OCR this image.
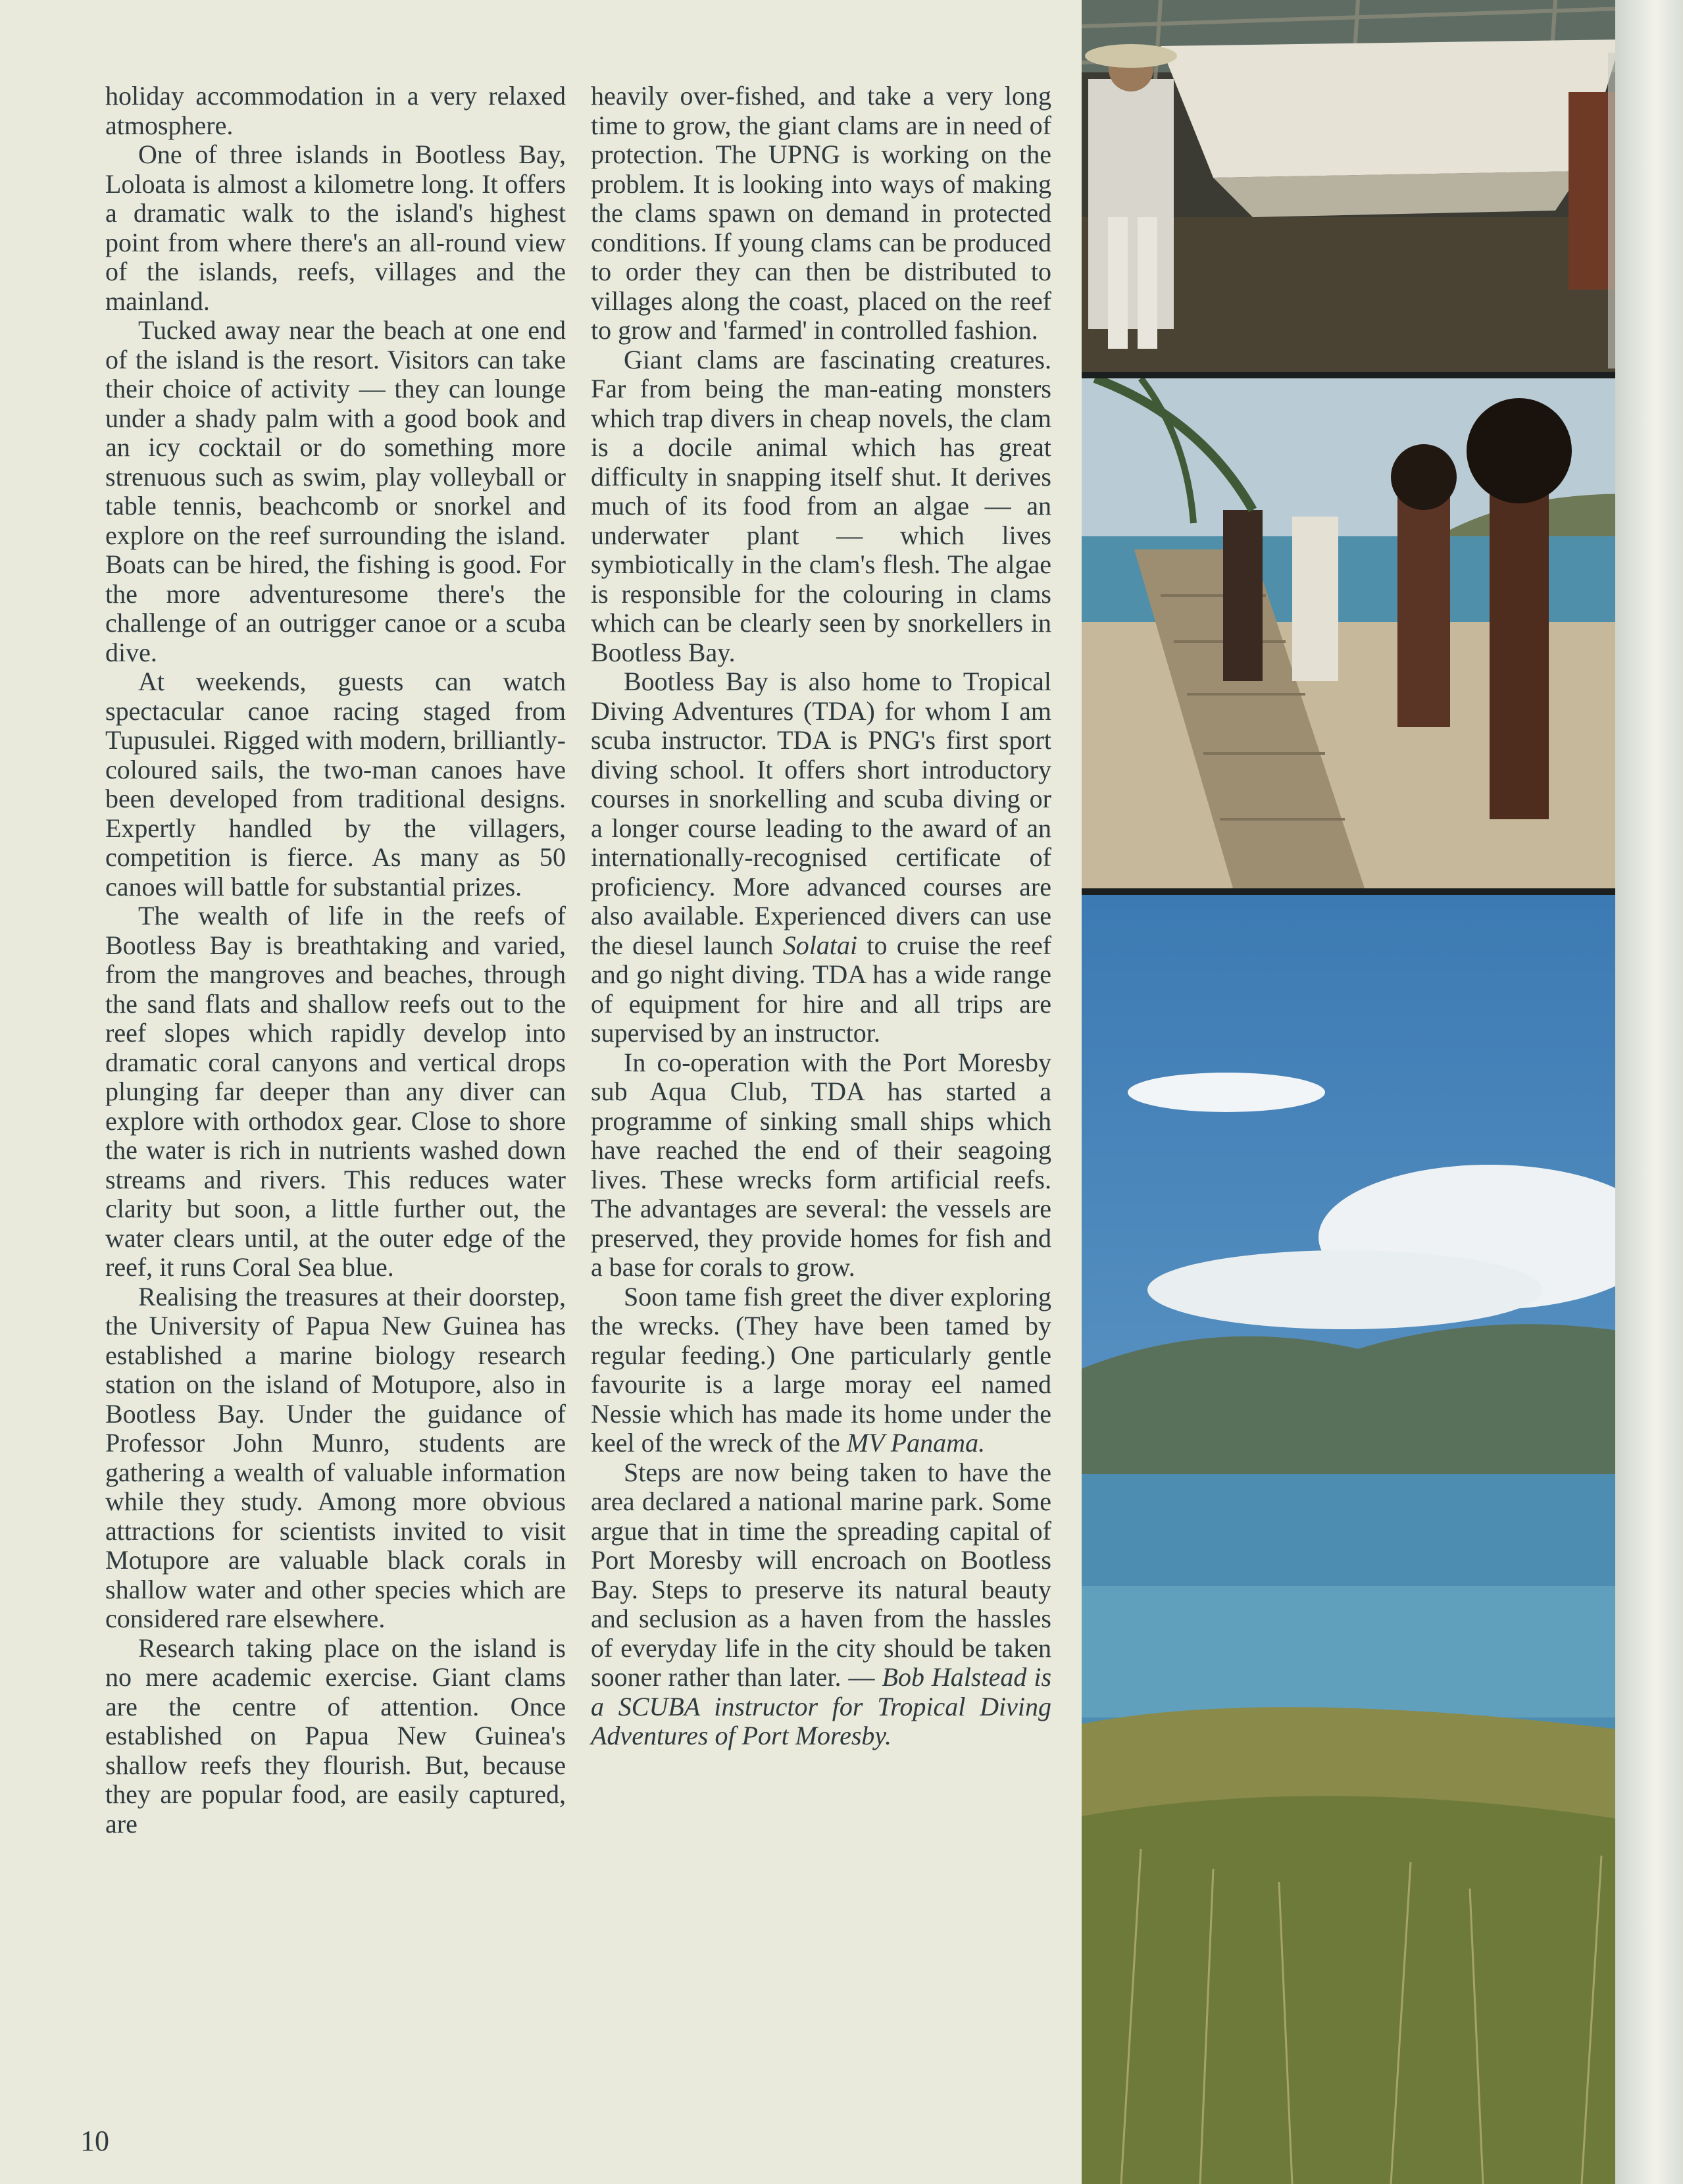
holiday accommodation in a very relaxed atmosphere.

One of three islands in Bootless Bay, Loloata is almost a kilometre long. It offers a dramatic walk to the island's highest point from where there's an all-round view of the islands, reefs, villages and the mainland.

Tucked away near the beach at one end of the island is the resort. Visitors can take their choice of activity — they can lounge under a shady palm with a good book and an icy cocktail or do something more strenuous such as swim, play volleyball or table tennis, beachcomb or snorkel and explore on the reef surrounding the island. Boats can be hired, the fishing is good. For the more adventuresome there's the challenge of an outrigger canoe or a scuba dive.

At weekends, guests can watch spectacular canoe racing staged from Tupusulei. Rigged with modern, brilliantly-coloured sails, the two-man canoes have been developed from traditional designs. Expertly handled by the villagers, competition is fierce. As many as 50 canoes will battle for substantial prizes.

The wealth of life in the reefs of Bootless Bay is breathtaking and varied, from the mangroves and beaches, through the sand flats and shallow reefs out to the reef slopes which rapidly develop into dramatic coral canyons and vertical drops plunging far deeper than any diver can explore with orthodox gear. Close to shore the water is rich in nutrients washed down streams and rivers. This reduces water clarity but soon, a little further out, the water clears until, at the outer edge of the reef, it runs Coral Sea blue.

Realising the treasures at their doorstep, the University of Papua New Guinea has established a marine biology research station on the island of Motupore, also in Bootless Bay. Under the guidance of Professor John Munro, students are gathering a wealth of valuable information while they study. Among more obvious attractions for scientists invited to visit Motupore are valuable black corals in shallow water and other species which are considered rare elsewhere.

Research taking place on the island is no mere academic exercise. Giant clams are the centre of attention. Once established on Papua New Guinea's shallow reefs they flourish. But, because they are popular food, are easily captured, are

heavily over-fished, and take a very long time to grow, the giant clams are in need of protection. The UPNG is working on the problem. It is looking into ways of making the clams spawn on demand in protected conditions. If young clams can be produced to order they can then be distributed to villages along the coast, placed on the reef to grow and 'farmed' in controlled fashion.

Giant clams are fascinating creatures. Far from being the man-eating monsters which trap divers in cheap novels, the clam is a docile animal which has great difficulty in snapping itself shut. It derives much of its food from an algae — an underwater plant — which lives symbiotically in the clam's flesh. The algae is responsible for the colouring in clams which can be clearly seen by snorkellers in Bootless Bay.

Bootless Bay is also home to Tropical Diving Adventures (TDA) for whom I am scuba instructor. TDA is PNG's first sport diving school. It offers short introductory courses in snorkelling and scuba diving or a longer course leading to the award of an internationally-recognised certificate of proficiency. More advanced courses are also available. Experienced divers can use the diesel launch Solatai to cruise the reef and go night diving. TDA has a wide range of equipment for hire and all trips are supervised by an instructor.

In co-operation with the Port Moresby sub Aqua Club, TDA has started a programme of sinking small ships which have reached the end of their seagoing lives. These wrecks form artificial reefs. The advantages are several: the vessels are preserved, they provide homes for fish and a base for corals to grow.

Soon tame fish greet the diver exploring the wrecks. (They have been tamed by regular feeding.) One particularly gentle favourite is a large moray eel named Nessie which has made its home under the keel of the wreck of the MV Panama.

Steps are now being taken to have the area declared a national marine park. Some argue that in time the spreading capital of Port Moresby will encroach on Bootless Bay. Steps to preserve its natural beauty and seclusion as a haven from the hassles of everyday life in the city should be taken sooner rather than later. — Bob Halstead is a SCUBA instructor for Tropical Diving Adventures of Port Moresby.

10
